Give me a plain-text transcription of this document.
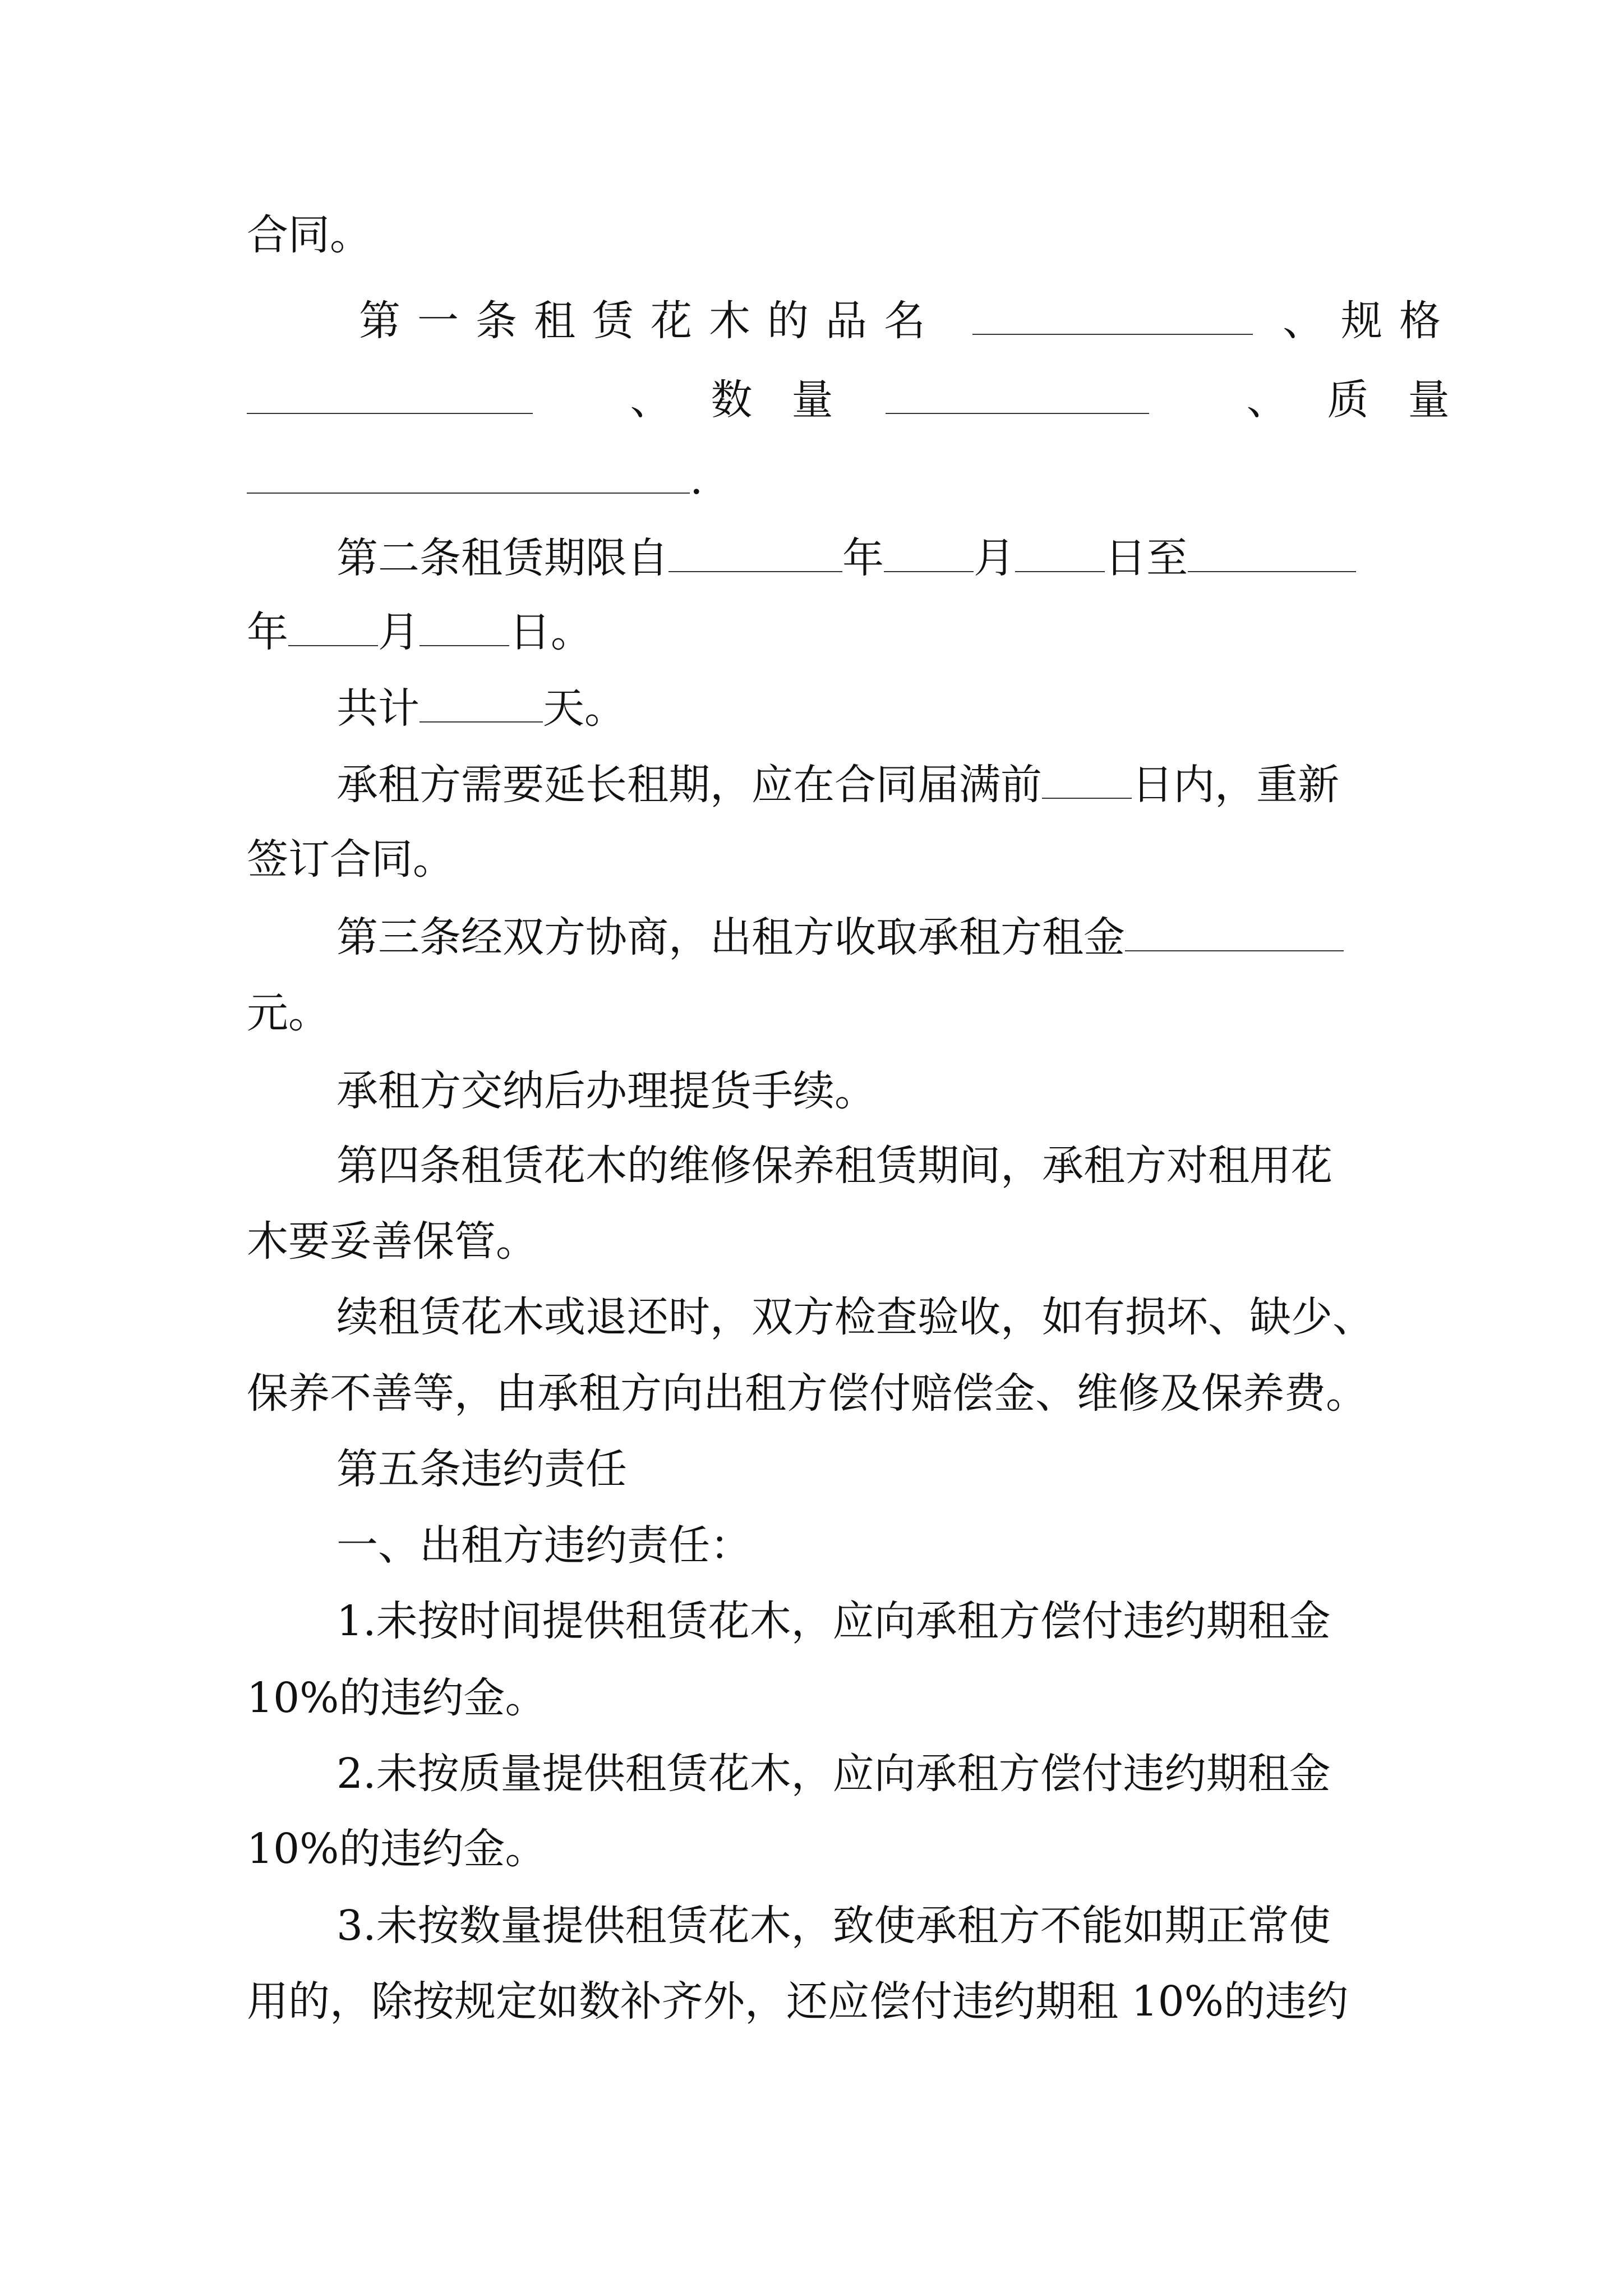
合同。
第一条租赁花木的品名	、规格
、数量	、质量
.
第二条租赁期限自	年 月 日至
年 月 日。
共计	天。
承租方需要延长租期，应在合同届满前 日内，重新
签订合同。
第三条经双方协商，出租方收取承租方租金
元。
承租方交纳后办理提货手续。
第四条租赁花木的维修保养租赁期间，承租方对租用花
木要妥善保管。
续租赁花木或退还时，双方检查验收，如有损坏、缺少、
保养不善等，由承租方向出租方偿付赔偿金、维修及保养费。
第五条违约责任
一、出租方违约责任：
1.未按时间提供租赁花木，应向承租方偿付违约期租金
10%的违约金。
2.未按质量提供租赁花木，应向承租方偿付违约期租金
10%的违约金。
3.未按数量提供租赁花木，致使承租方不能如期正常使
用的，除按规定如数补齐外，还应偿付违约期租 10%的违约
